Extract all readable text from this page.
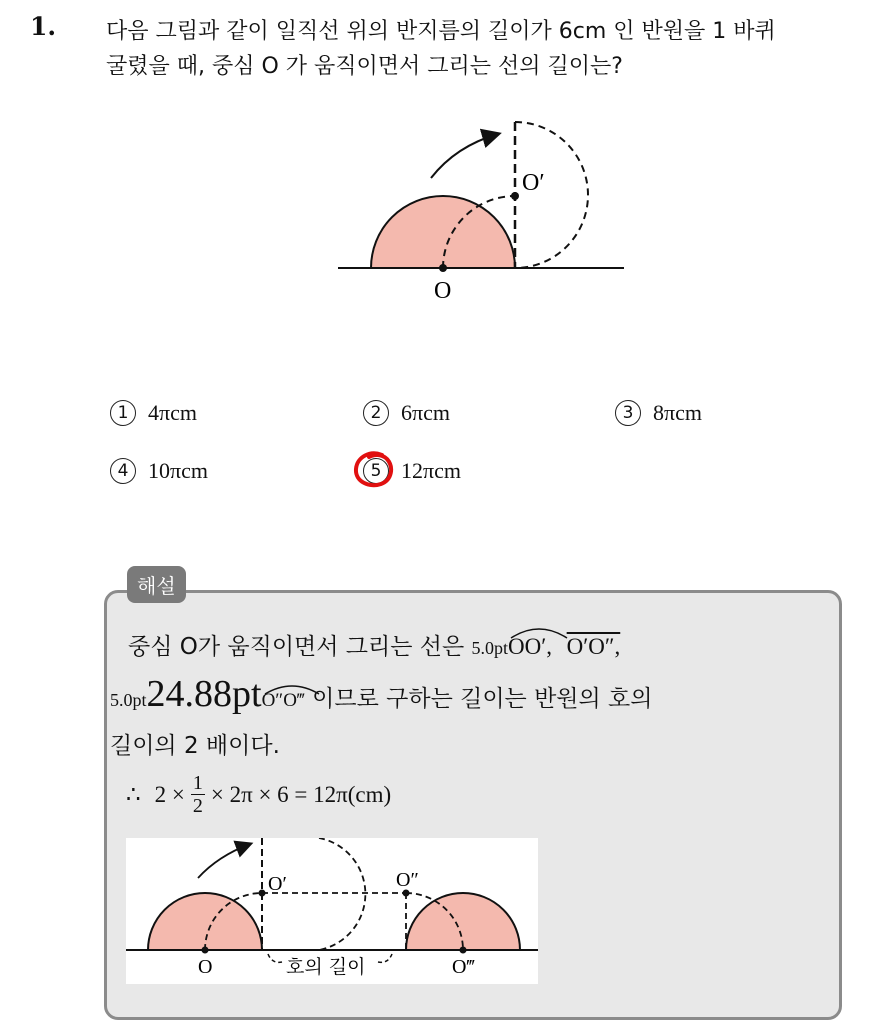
1. 다음 그림과 같이 일직선 위의 반지름의 길이가 6cm 인 반원을 1 바퀴
굴렸을 때, 중심 O 가 움직이면서 그리는 선의 길이는?
O
O′
1 4πcm	2 6πcm	3 8πcm
4 10πcm	5 12πcm
해설
중심 O가 움직이면서 그리는 선은 5.0pt
OO′, O′O″,
5.0pt24.88pt
O″O‴ 이므로 구하는 길이는 반원의 호의
길이의 2 배이다.
∴ $2 \times \frac{1}{2} \times 2\pi \times 6 = 12\pi(cm)$
O
O′	O″
O‴
호의 길이
